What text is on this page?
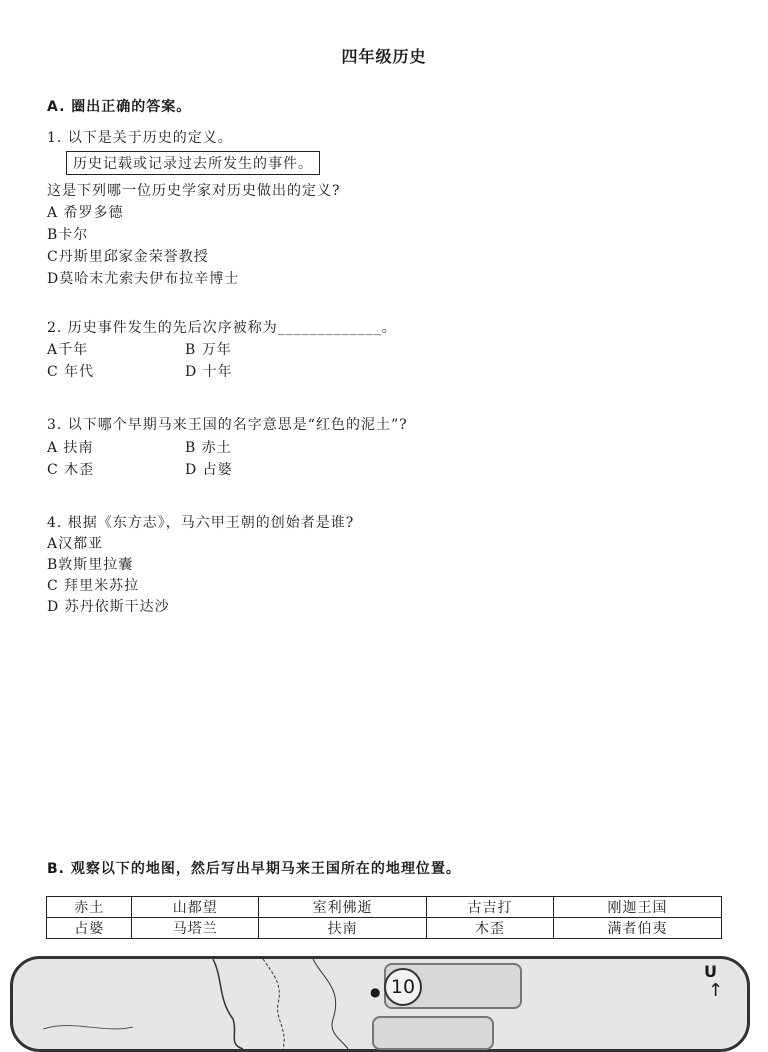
四年级历史
A. 圈出正确的答案。
1. 以下是关于历史的定义。
历史记载或记录过去所发生的事件。
这是下列哪一位历史学家对历史做出的定义?
A 希罗多德
B卡尔
C丹斯里邱家金荣誉教授
D莫哈末尤索夫伊布拉辛博士
2. 历史事件发生的先后次序被称为_____________。
A千年	B 万年
C 年代	D 十年
3. 以下哪个早期马来王国的名字意思是“红色的泥土”?
A 扶南	B 赤土
C 木歪	D 占婆
4. 根据《东方志》，马六甲王朝的创始者是谁?
A汉都亚
B敦斯里拉囊
C 拜里米苏拉
D 苏丹依斯干达沙
B. 观察以下的地图，然后写出早期马来王国所在的地理位置。
赤土	山都望	室利佛逝	古吉打	刚迦王国
占婆	马塔兰	扶南	木歪	满者伯夷
10
●
U
↑
